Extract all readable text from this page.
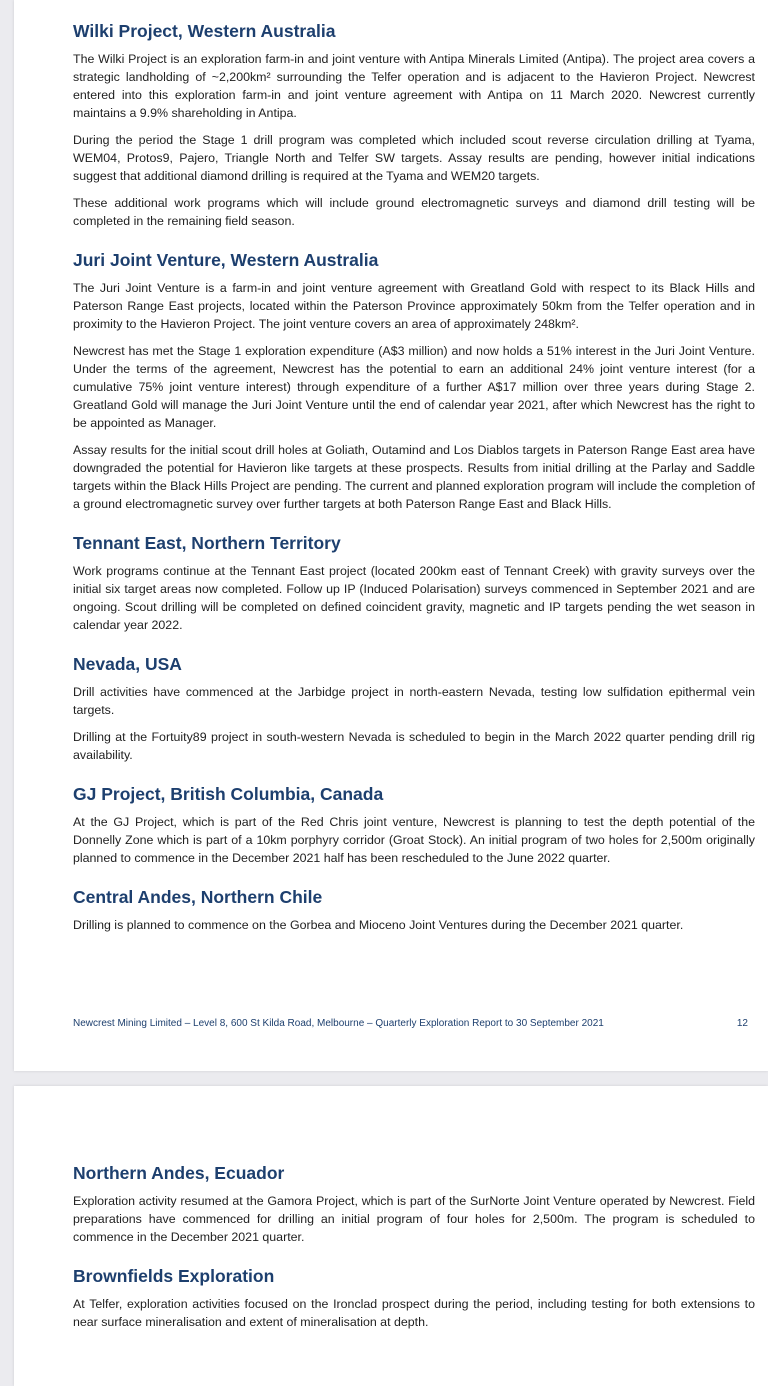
Wilki Project, Western Australia

The Wilki Project is an exploration farm-in and joint venture with Antipa Minerals Limited (Antipa). The project area covers a strategic landholding of ~2,200km² surrounding the Telfer operation and is adjacent to the Havieron Project. Newcrest entered into this exploration farm-in and joint venture agreement with Antipa on 11 March 2020. Newcrest currently maintains a 9.9% shareholding in Antipa.

During the period the Stage 1 drill program was completed which included scout reverse circulation drilling at Tyama, WEM04, Protos9, Pajero, Triangle North and Telfer SW targets. Assay results are pending, however initial indications suggest that additional diamond drilling is required at the Tyama and WEM20 targets.

These additional work programs which will include ground electromagnetic surveys and diamond drill testing will be completed in the remaining field season.

Juri Joint Venture, Western Australia

The Juri Joint Venture is a farm-in and joint venture agreement with Greatland Gold with respect to its Black Hills and Paterson Range East projects, located within the Paterson Province approximately 50km from the Telfer operation and in proximity to the Havieron Project. The joint venture covers an area of approximately 248km².

Newcrest has met the Stage 1 exploration expenditure (A$3 million) and now holds a 51% interest in the Juri Joint Venture. Under the terms of the agreement, Newcrest has the potential to earn an additional 24% joint venture interest (for a cumulative 75% joint venture interest) through expenditure of a further A$17 million over three years during Stage 2. Greatland Gold will manage the Juri Joint Venture until the end of calendar year 2021, after which Newcrest has the right to be appointed as Manager.

Assay results for the initial scout drill holes at Goliath, Outamind and Los Diablos targets in Paterson Range East area have downgraded the potential for Havieron like targets at these prospects. Results from initial drilling at the Parlay and Saddle targets within the Black Hills Project are pending. The current and planned exploration program will include the completion of a ground electromagnetic survey over further targets at both Paterson Range East and Black Hills.

Tennant East, Northern Territory

Work programs continue at the Tennant East project (located 200km east of Tennant Creek) with gravity surveys over the initial six target areas now completed. Follow up IP (Induced Polarisation) surveys commenced in September 2021 and are ongoing. Scout drilling will be completed on defined coincident gravity, magnetic and IP targets pending the wet season in calendar year 2022.

Nevada, USA

Drill activities have commenced at the Jarbidge project in north-eastern Nevada, testing low sulfidation epithermal vein targets.

Drilling at the Fortuity89 project in south-western Nevada is scheduled to begin in the March 2022 quarter pending drill rig availability.

GJ Project, British Columbia, Canada

At the GJ Project, which is part of the Red Chris joint venture, Newcrest is planning to test the depth potential of the Donnelly Zone which is part of a 10km porphyry corridor (Groat Stock). An initial program of two holes for 2,500m originally planned to commence in the December 2021 half has been rescheduled to the June 2022 quarter.

Central Andes, Northern Chile

Drilling is planned to commence on the Gorbea and Mioceno Joint Ventures during the December 2021 quarter.

Newcrest Mining Limited – Level 8, 600 St Kilda Road, Melbourne – Quarterly Exploration Report to 30 September 2021	12
Northern Andes, Ecuador

Exploration activity resumed at the Gamora Project, which is part of the SurNorte Joint Venture operated by Newcrest. Field preparations have commenced for drilling an initial program of four holes for 2,500m. The program is scheduled to commence in the December 2021 quarter.

Brownfields Exploration

At Telfer, exploration activities focused on the Ironclad prospect during the period, including testing for both extensions to near surface mineralisation and extent of mineralisation at depth.
